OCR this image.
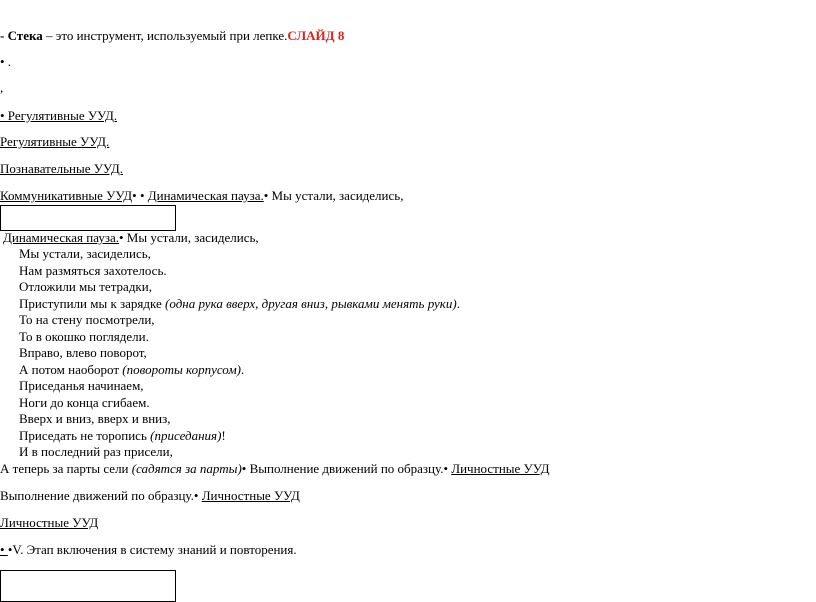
- Стека – это инструмент, используемый при лепке.СЛАЙД 8
• .
,
• Регулятивные УУД.
Регулятивные УУД.
Познавательные УУД.
Коммуникативные УУД• • Динамическая пауза.• Мы устали, засиделись,
Динамическая пауза.• Мы устали, засиделись,
Мы устали, засиделись,
Нам размяться захотелось.
Отложили мы тетрадки,
Приступили мы к зарядке (одна рука вверх, другая вниз, рывками менять руки).
То на стену посмотрели,
То в окошко поглядели.
Вправо, влево поворот,
А потом наоборот (повороты корпусом).
Приседанья начинаем,
Ноги до конца сгибаем.
Вверх и вниз, вверх и вниз,
Приседать не торопись (приседания)!
И в последний раз присели,
А теперь за парты сели (садятся за парты)• Выполнение движений по образцу.• Личностные УУД
Выполнение движений по образцу.• Личностные УУД
Личностные УУД
• •V. Этап включения в систему знаний и повторения.
